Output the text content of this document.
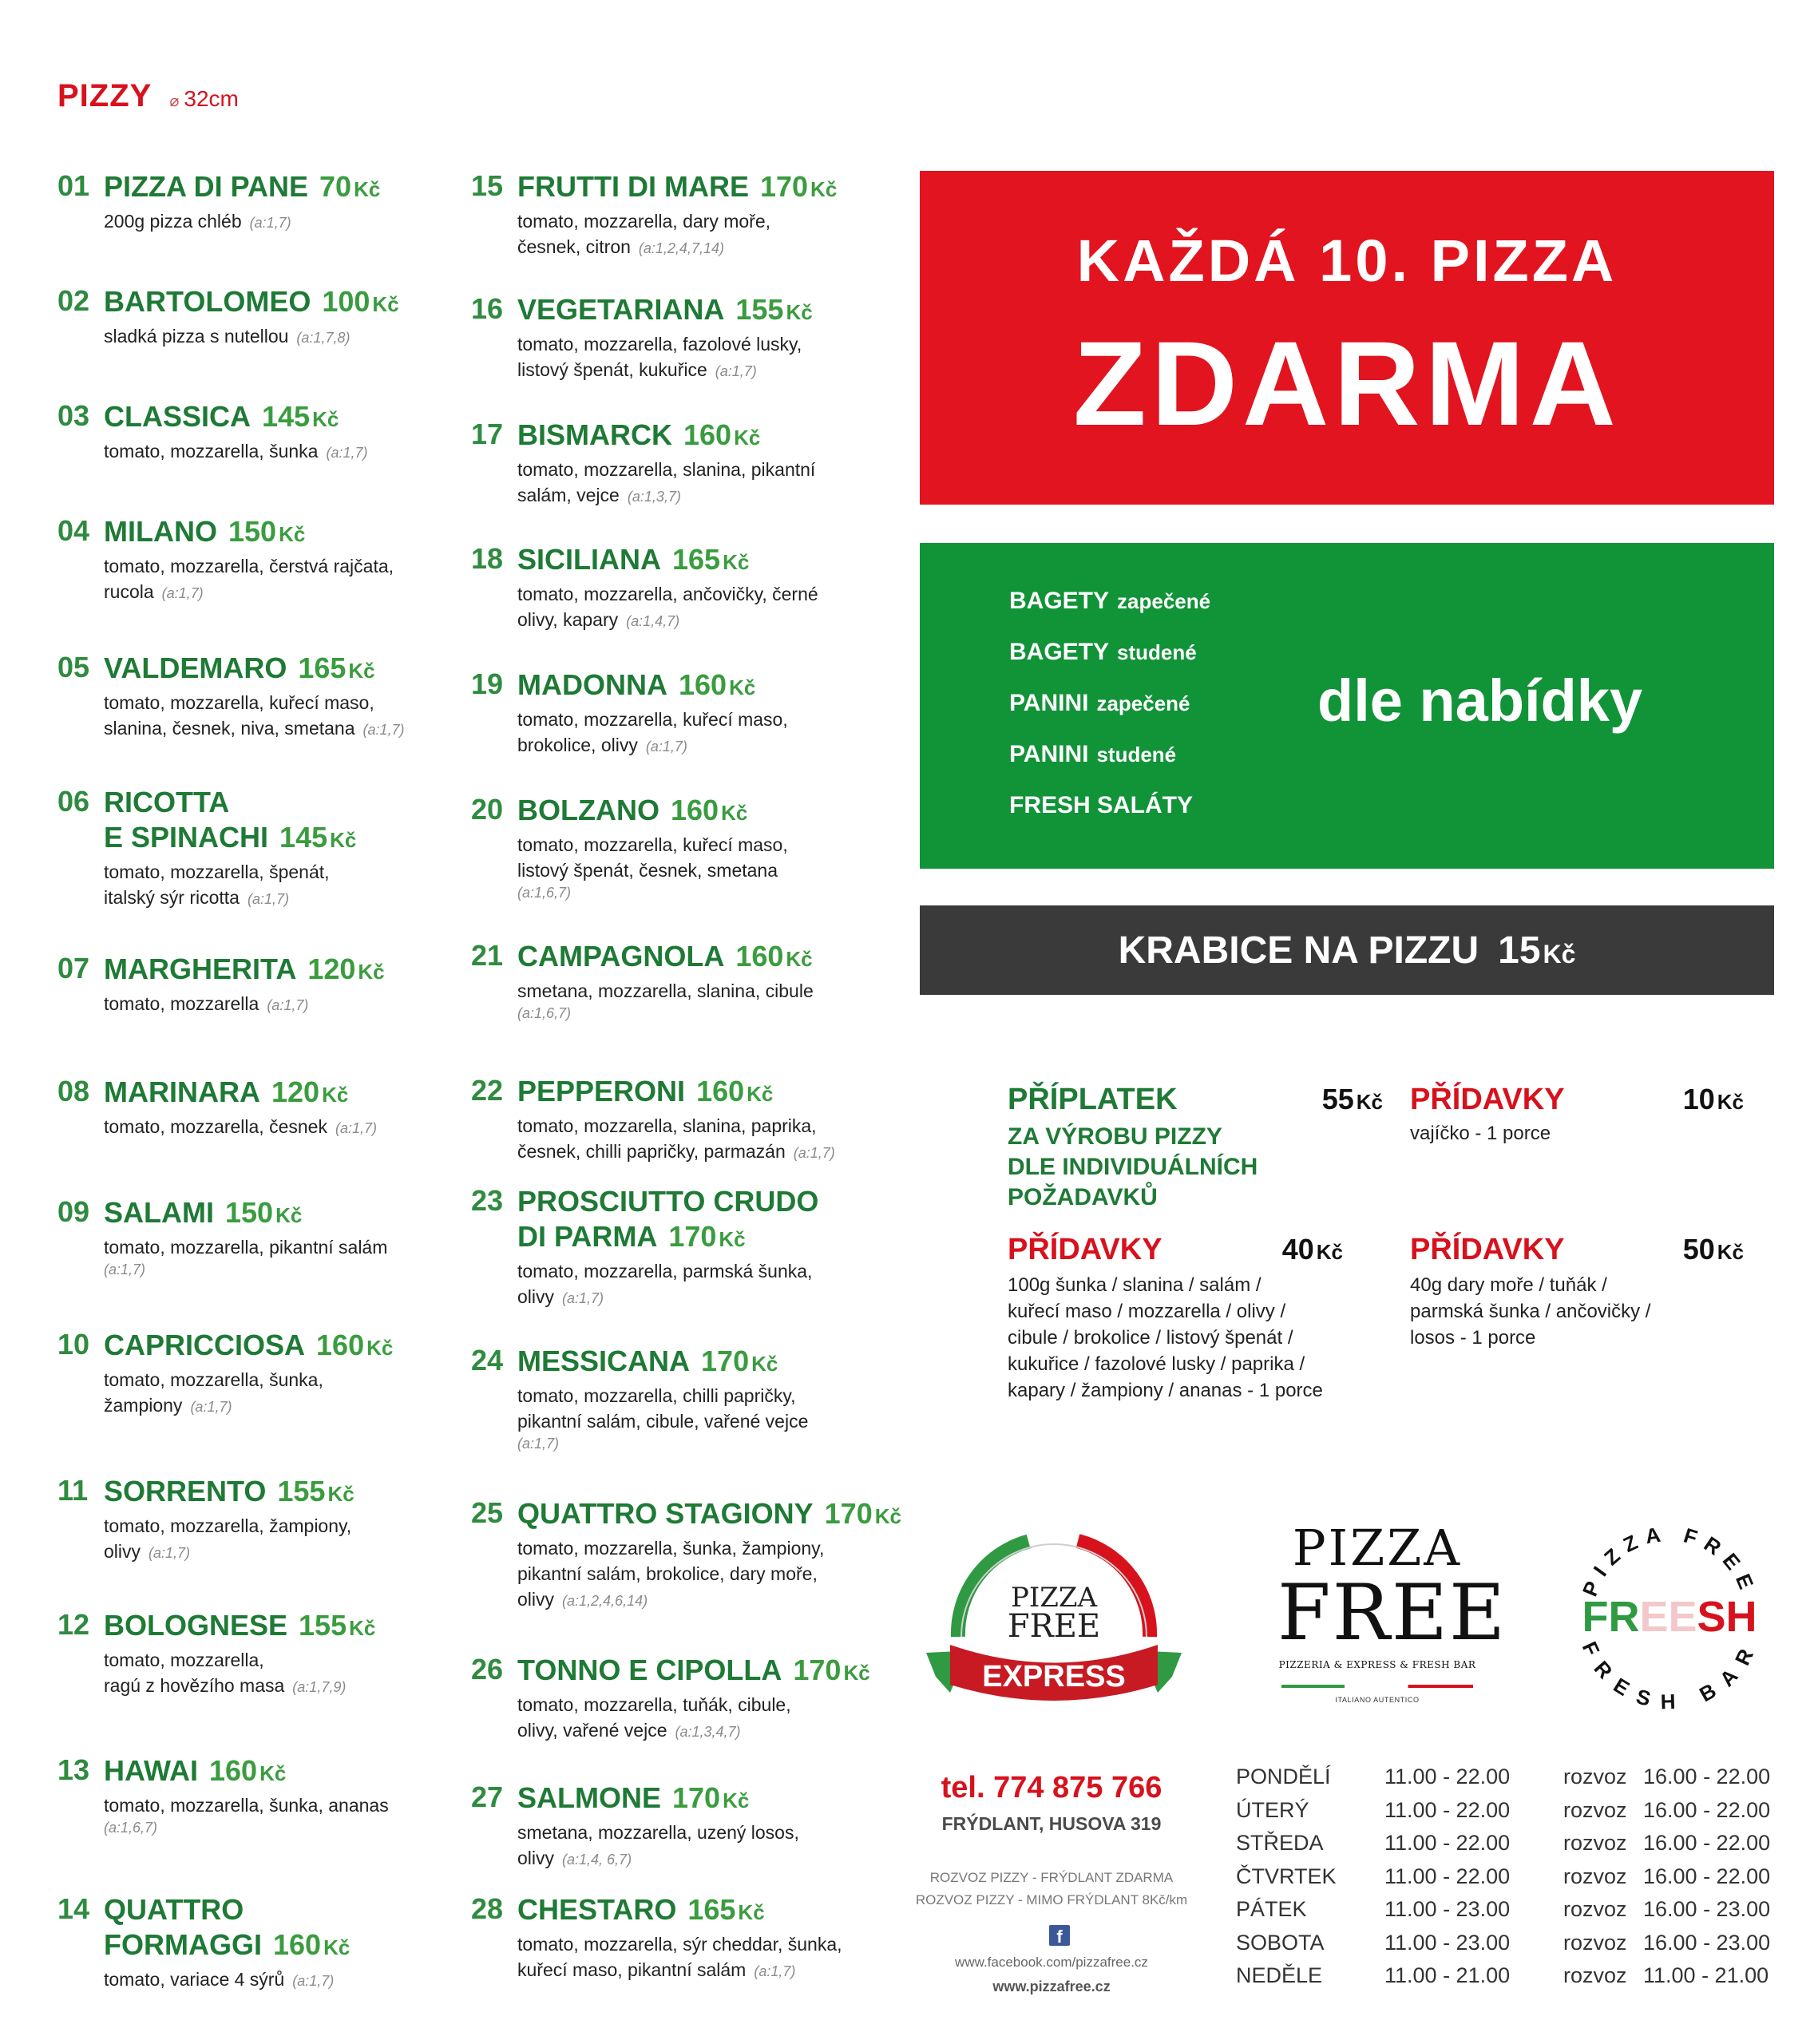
PIZZY ⌀ 32cm
01 PIZZA DI PANE 70 Kč
200g pizza chléb (a:1,7)
02 BARTOLOMEO 100 Kč
sladká pizza s nutellou (a:1,7,8)
03 CLASSICA 145 Kč
tomato, mozzarella, šunka (a:1,7)
04 MILANO 150 Kč
tomato, mozzarella, čerstvá rajčata,
rucola (a:1,7)
05 VALDEMARO 165 Kč
tomato, mozzarella, kuřecí maso,
slanina, česnek, niva, smetana (a:1,7)
06 RICOTTA
E SPINACHI 145 Kč
tomato, mozzarella, špenát,
italský sýr ricotta (a:1,7)
07 MARGHERITA 120 Kč
tomato, mozzarella (a:1,7)
08 MARINARA 120 Kč
tomato, mozzarella, česnek (a:1,7)
09 SALAMI 150 Kč
tomato, mozzarella, pikantní salám
(a:1,7)
10 CAPRICCIOSA 160 Kč
tomato, mozzarella, šunka,
žampiony (a:1,7)
11 SORRENTO 155 Kč
tomato, mozzarella, žampiony,
olivy (a:1,7)
12 BOLOGNESE 155 Kč
tomato, mozzarella,
ragú z hovězího masa (a:1,7,9)
13 HAWAI 160 Kč
tomato, mozzarella, šunka, ananas
(a:1,6,7)
14 QUATTRO
FORMAGGI 160 Kč
tomato, variace 4 sýrů (a:1,7)
15 FRUTTI DI MARE 170 Kč
tomato, mozzarella, dary moře,
česnek, citron (a:1,2,4,7,14)
16 VEGETARIANA 155 Kč
tomato, mozzarella, fazolové lusky,
listový špenát, kukuřice (a:1,7)
17 BISMARCK 160 Kč
tomato, mozzarella, slanina, pikantní
salám, vejce (a:1,3,7)
18 SICILIANA 165 Kč
tomato, mozzarella, ančovičky, černé
olivy, kapary (a:1,4,7)
19 MADONNA 160 Kč
tomato, mozzarella, kuřecí maso,
brokolice, olivy (a:1,7)
20 BOLZANO 160 Kč
tomato, mozzarella, kuřecí maso,
listový špenát, česnek, smetana
(a:1,6,7)
21 CAMPAGNOLA 160 Kč
smetana, mozzarella, slanina, cibule
(a:1,6,7)
22 PEPPERONI 160 Kč
tomato, mozzarella, slanina, paprika,
česnek, chilli papričky, parmazán (a:1,7)
23 PROSCIUTTO CRUDO
DI PARMA 170 Kč
tomato, mozzarella, parmská šunka,
olivy (a:1,7)
24 MESSICANA 170 Kč
tomato, mozzarella, chilli papričky,
pikantní salám, cibule, vařené vejce
(a:1,7)
25 QUATTRO STAGIONY 170 Kč
tomato, mozzarella, šunka, žampiony,
pikantní salám, brokolice, dary moře,
olivy (a:1,2,4,6,14)
26 TONNO E CIPOLLA 170 Kč
tomato, mozzarella, tuňák, cibule,
olivy, vařené vejce (a:1,3,4,7)
27 SALMONE 170 Kč
smetana, mozzarella, uzený losos,
olivy (a:1,4, 6,7)
28 CHESTARO 165 Kč
tomato, mozzarella, sýr cheddar, šunka,
kuřecí maso, pikantní salám (a:1,7)
KAŽDÁ 10. PIZZA
ZDARMA
BAGETY zapečené
BAGETY studené
PANINI zapečené
PANINI studené
FRESH SALÁTY
dle nabídky
KRABICE NA PIZZU 15Kč
PŘÍPLATEK	55 Kč
ZA VÝROBU PIZZY
DLE INDIVIDUÁLNÍCH POŽADAVKŮ
PŘÍDAVKY	10 Kč
vajíčko - 1 porce
PŘÍDAVKY	40 Kč
100g šunka / slanina / salám /
kuřecí maso / mozzarella / olivy /
cibule / brokolice / listový špenát /
kukuřice / fazolové lusky / paprika /
kapary / žampiony / ananas - 1 porce
PŘÍDAVKY	50 Kč
40g dary moře / tuňák /
parmská šunka / ančovičky /
losos - 1 porce
PIZZA
FREE
EXPRESS
PIZZA
FREE
PIZZERIA & EXPRESS & FRESH BAR
ITALIANO AUTENTICO
PIZZA FREE
FRESH BAR
FREESH
tel. 774 875 766
FRÝDLANT, HUSOVA 319
ROZVOZ PIZZY - FRÝDLANT ZDARMA
ROZVOZ PIZZY - MIMO FRÝDLANT 8Kč/km
f
www.facebook.com/pizzafree.cz
www.pizzafree.cz
PONDĚLÍ 11.00 - 22.00 rozvoz 16.00 - 22.00
ÚTERÝ	11.00 - 22.00 rozvoz 16.00 - 22.00
STŘEDA	11.00 - 22.00 rozvoz 16.00 - 22.00
ČTVRTEK 11.00 - 22.00 rozvoz 16.00 - 22.00
PÁTEK	11.00 - 23.00 rozvoz 16.00 - 23.00
SOBOTA	11.00 - 23.00 rozvoz 16.00 - 23.00
NEDĚLE	11.00 - 21.00 rozvoz 11.00 - 21.00
